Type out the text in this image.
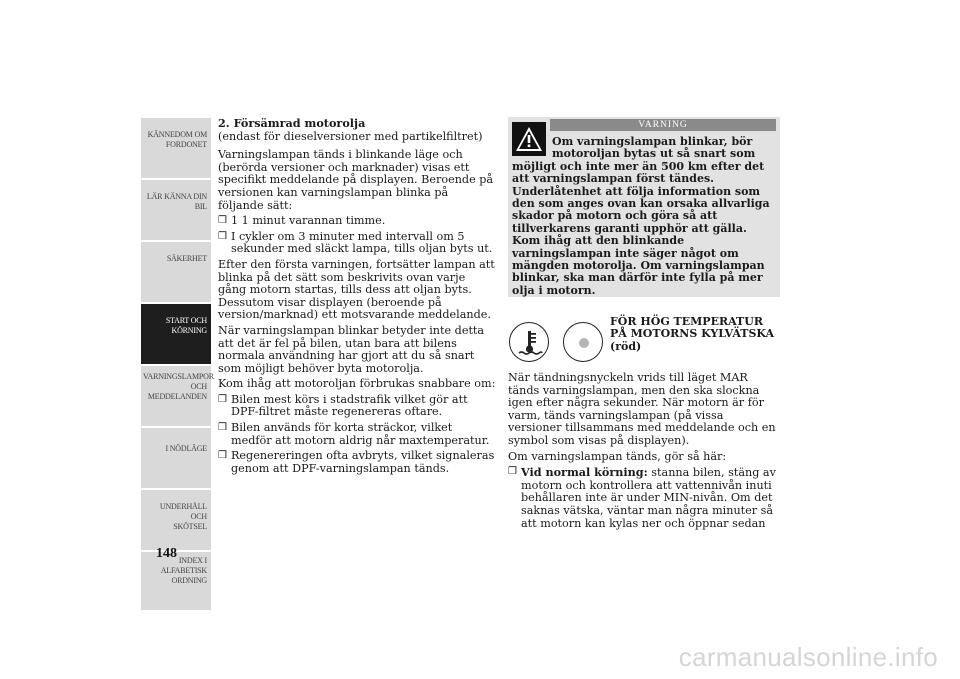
KÄNNEDOM OM
FORDONET
LÄR KÄNNA DIN
BIL
SÄKERHET
START OCH
KÖRNING
VARNINGSLAMPOR
OCH
MEDDELANDEN
I NÖDLÄGE
UNDERHÅLL OCH
SKÖTSEL
INDEX I
ALFABETISK
ORDNING
148

2. Försämrad motorolja
(endast för dieselversioner med partikelfiltret)

Varningslampan tänds i blinkande läge och (berörda versioner och marknader) visas ett specifikt meddelande på displayen. Beroende på versionen kan varningslampan blinka på följande sätt:

❒ 1 1 minut varannan timme.
❒ I cykler om 3 minuter med intervall om 5 sekunder med släckt lampa, tills oljan byts ut.

Efter den första varningen, fortsätter lampan att blinka på det sätt som beskrivits ovan varje gång motorn startas, tills dess att oljan byts. Dessutom visar displayen (beroende på version/marknad) ett motsvarande meddelande.

När varningslampan blinkar betyder inte detta att det är fel på bilen, utan bara att bilens normala användning har gjort att du så snart som möjligt behöver byta motorolja.

Kom ihåg att motoroljan förbrukas snabbare om:

❒ Bilen mest körs i stadstrafik vilket gör att DPF-filtret måste regenereras oftare.
❒ Bilen används för korta sträckor, vilket medför att motorn aldrig når maxtemperatur.
❒ Regenereringen ofta avbryts, vilket signaleras genom att DPF-varningslampan tänds.
VARNING
Om varningslampan blinkar, bör motoroljan bytas ut så snart som
möjligt och inte mer än 500 km efter det att varningslampan först tändes. Underlåtenhet att följa information som den som anges ovan kan orsaka allvarliga skador på motorn och göra så att tillverkarens garanti upphör att gälla. Kom ihåg att den blinkande varningslampan inte säger något om mängden motorolja. Om varningslampan blinkar, ska man därför inte fylla på mer olja i motorn.
FÖR HÖG TEMPERATUR PÅ MOTORNS KYLVÄTSKA
(röd)

När tändningsnyckeln vrids till läget MAR tänds varningslampan, men den ska slockna igen efter några sekunder. När motorn är för varm, tänds varningslampan (på vissa versioner tillsammans med meddelande och en symbol som visas på displayen).

Om varningslampan tänds, gör så här:

❒ Vid normal körning: stanna bilen, stäng av motorn och kontrollera att vattennivån inuti behållaren inte är under MIN-nivån. Om det saknas vätska, väntar man några minuter så att motorn kan kylas ner och öppnar sedan
carmanualsonline.info
